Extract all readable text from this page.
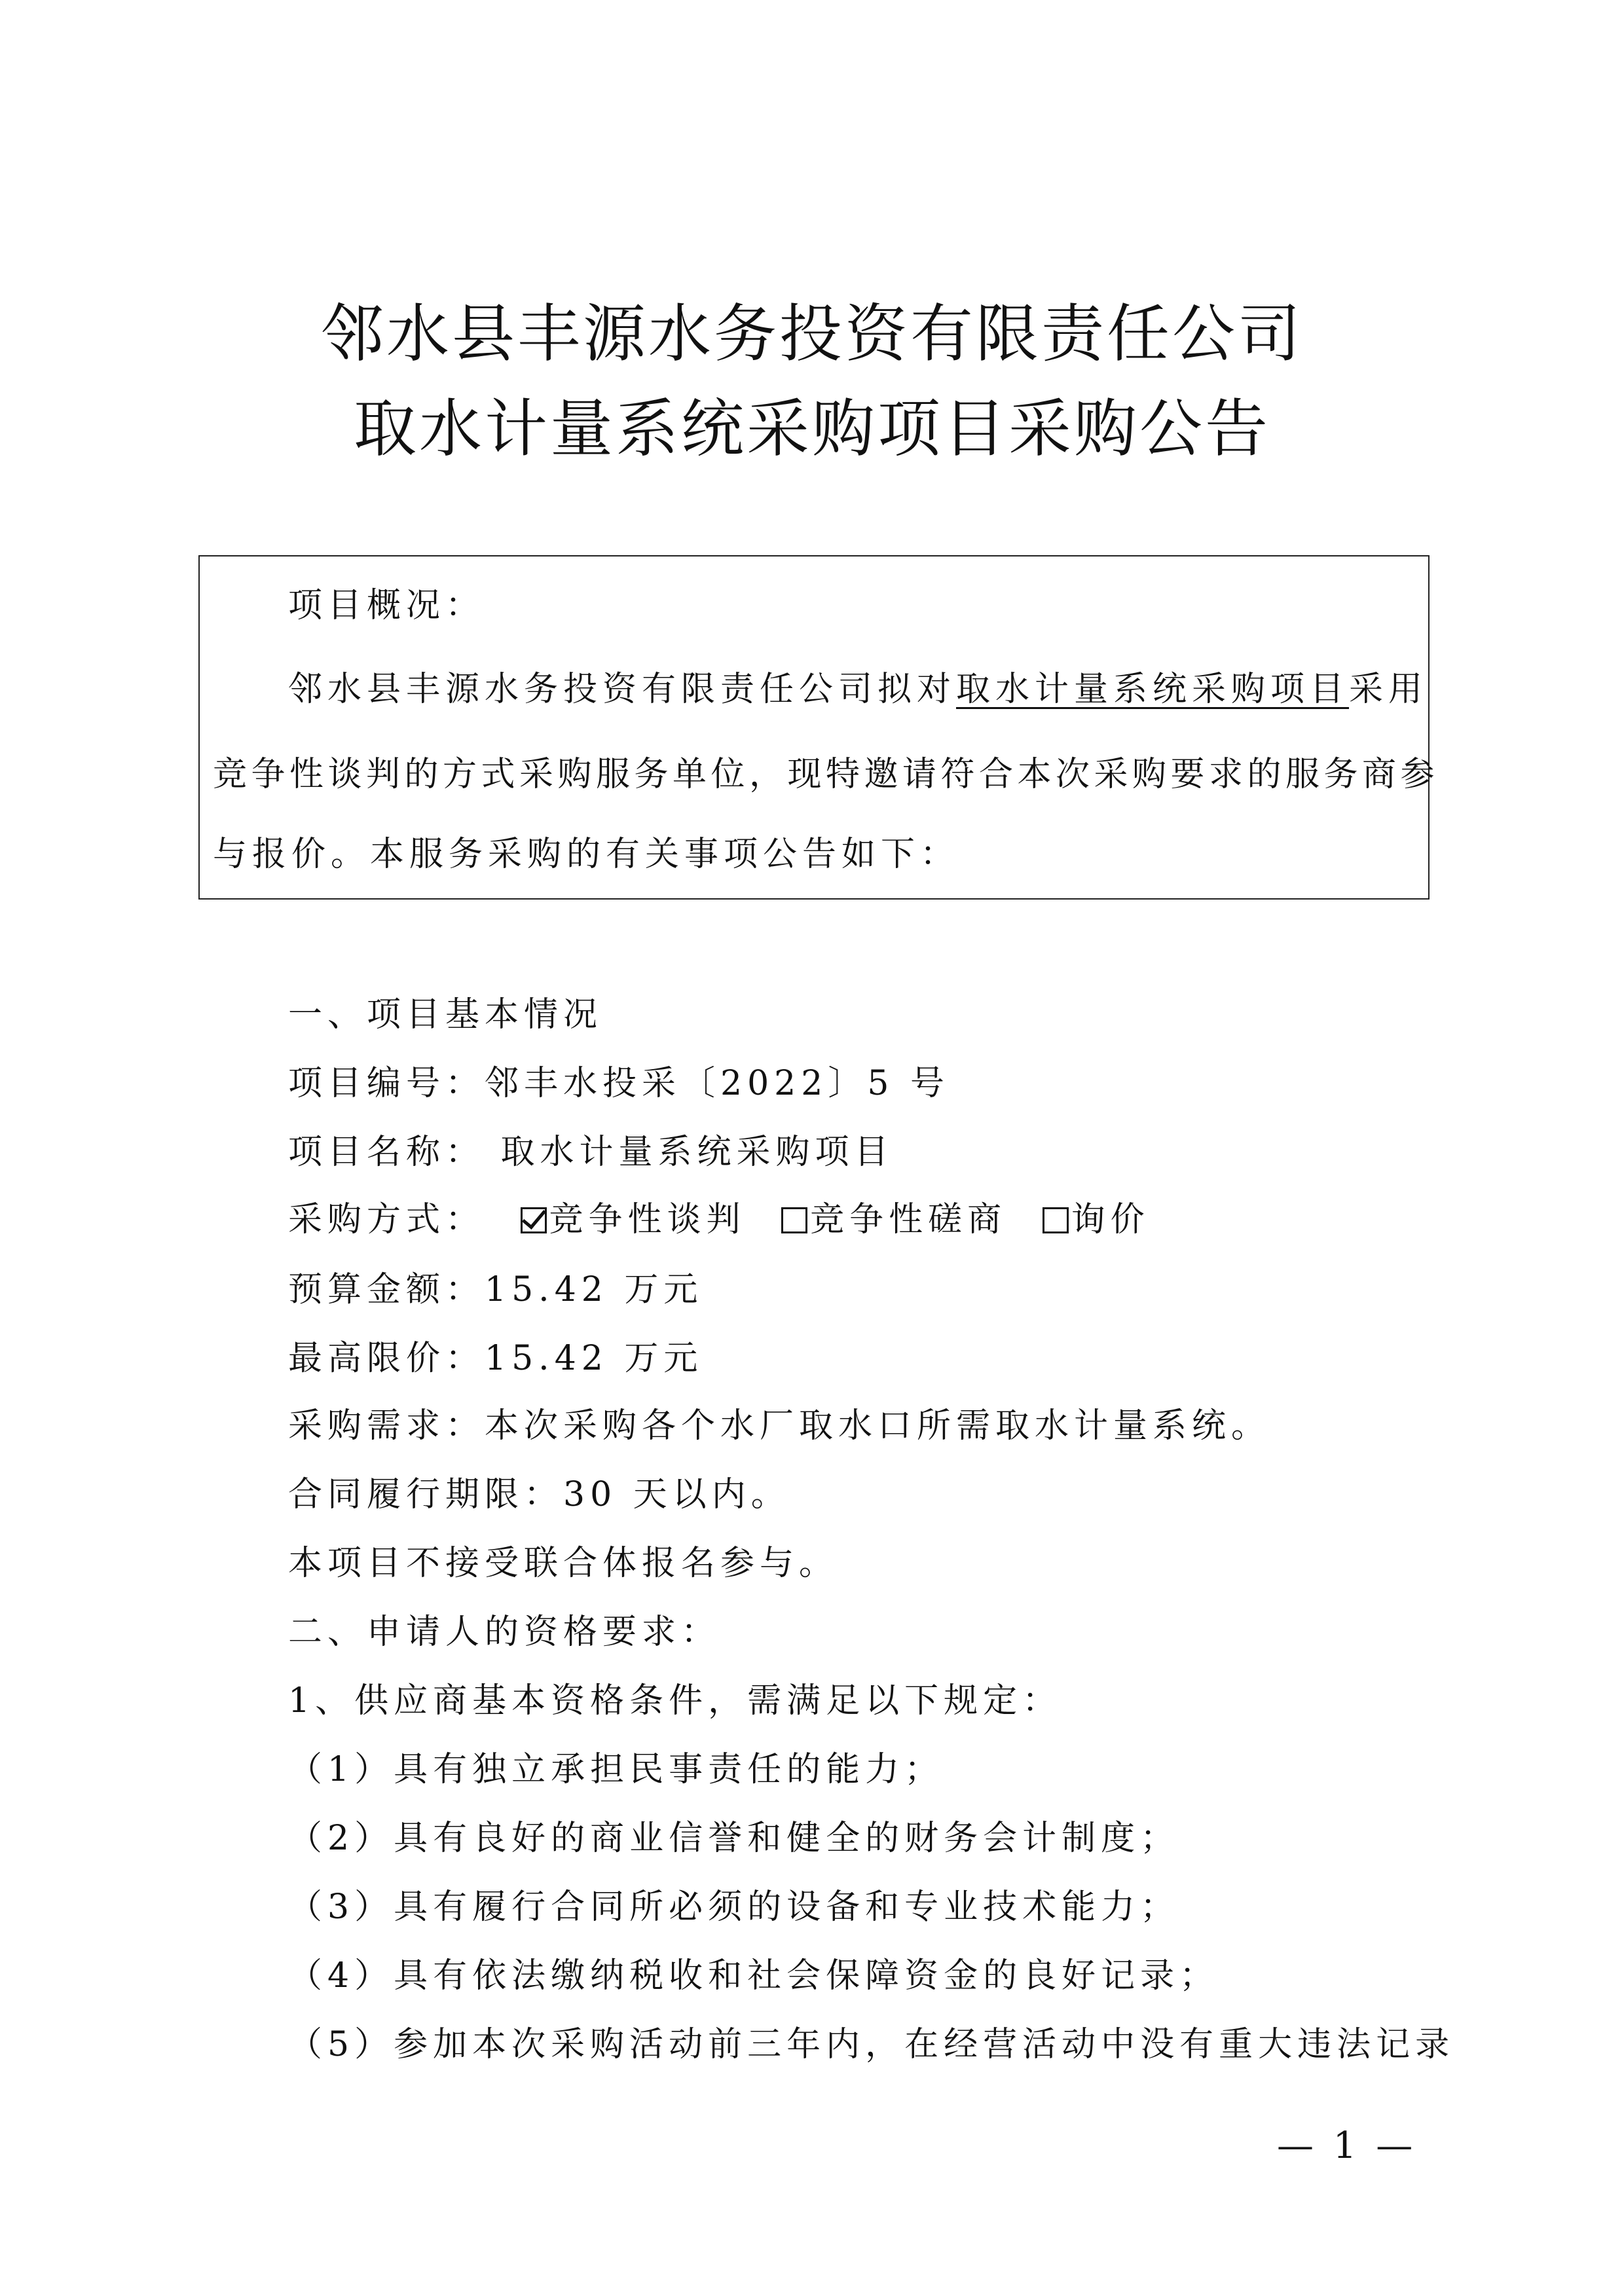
邻水县丰源水务投资有限责任公司
取水计量系统采购项目采购公告
项目概况：
邻水县丰源水务投资有限责任公司拟对取水计量系统采购项目采用
竞争性谈判的方式采购服务单位，现特邀请符合本次采购要求的服务商参
与报价。本服务采购的有关事项公告如下：
一、项目基本情况
项目编号：邻丰水投采〔2022〕5 号
项目名称： 取水计量系统采购项目
采购方式： 竞争性谈判 竞争性磋商 询价
预算金额：15.42 万元
最高限价：15.42 万元
采购需求：本次采购各个水厂取水口所需取水计量系统。
合同履行期限：30 天以内。
本项目不接受联合体报名参与。
二、申请人的资格要求：
1、供应商基本资格条件，需满足以下规定：
（1）具有独立承担民事责任的能力；
（2）具有良好的商业信誉和健全的财务会计制度；
（3）具有履行合同所必须的设备和专业技术能力；
（4）具有依法缴纳税收和社会保障资金的良好记录；
（5）参加本次采购活动前三年内，在经营活动中没有重大违法记录
— 1 —
